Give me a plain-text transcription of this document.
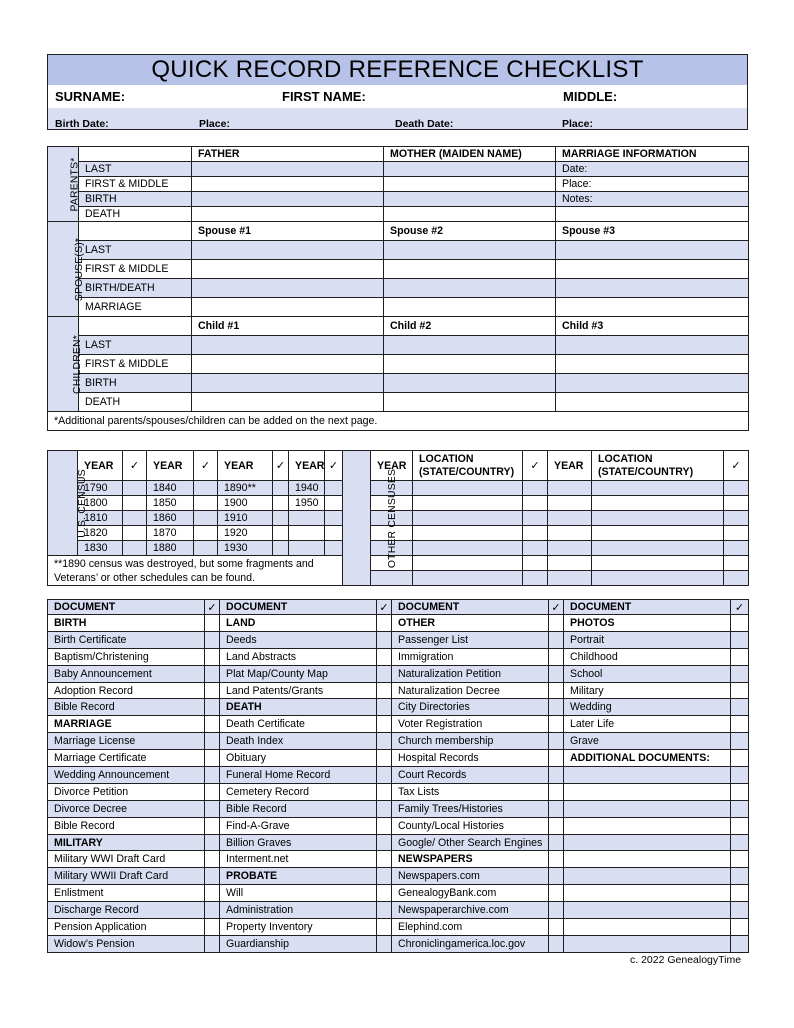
QUICK RECORD REFERENCE CHECKLIST
SURNAME:	FIRST NAME:	MIDDLE:
Birth Date:	Place:	Death Date:	Place:
PARENTS*		FATHER	MOTHER (MAIDEN NAME)	MARRIAGE INFORMATION
	LAST			Date:
	FIRST & MIDDLE			Place:
	BIRTH			Notes:
	DEATH			
SPOUSE(S)*		Spouse #1	Spouse #2	Spouse #3
	LAST			
	FIRST & MIDDLE			
	BIRTH/DEATH			
	MARRIAGE			
CHILDREN*		Child #1	Child #2	Child #3
	LAST			
	FIRST & MIDDLE			
	BIRTH			
	DEATH			
*Additional parents/spouses/children can be added on the next page.				
U.S. CENSUS	YEAR	✓	YEAR	✓	YEAR	✓	YEAR	✓	OTHER CENSUSES	YEAR	LOCATION
(STATE/COUNTRY)	✓	YEAR	LOCATION
(STATE/COUNTRY)	✓
	1790		1840		1890**		1940								
	1800		1850		1900		1950								
	1810		1860		1910										
	1820		1870		1920										
	1830		1880		1930										
**1890 census was destroyed, but some fragments and
Veterans’ or other schedules can be found.															

DOCUMENT	✓	DOCUMENT	✓	DOCUMENT	✓	DOCUMENT	✓
BIRTH		LAND		OTHER		PHOTOS	
Birth Certificate		Deeds		Passenger List		Portrait	
Baptism/Christening		Land Abstracts		Immigration		Childhood	
Baby Announcement		Plat Map/County Map		Naturalization Petition		School	
Adoption Record		Land Patents/Grants		Naturalization Decree		Military	
Bible Record		DEATH		City Directories		Wedding	
MARRIAGE		Death Certificate		Voter Registration		Later Life	
Marriage License		Death Index		Church membership		Grave	
Marriage Certificate		Obituary		Hospital Records		ADDITIONAL DOCUMENTS:	
Wedding Announcement		Funeral Home Record		Court Records			
Divorce Petition		Cemetery Record		Tax Lists			
Divorce Decree		Bible Record		Family Trees/Histories			
Bible Record		Find-A-Grave		County/Local Histories			
MILITARY		Billion Graves		Google/ Other Search Engines			
Military WWI Draft Card		Interment.net		NEWSPAPERS			
Military WWII Draft Card		PROBATE		Newspapers.com			
Enlistment		Will		GenealogyBank.com			
Discharge Record		Administration		Newspaperarchive.com			
Pension Application		Property Inventory		Elephind.com			
Widow’s Pension		Guardianship		Chroniclingamerica.loc.gov			
c. 2022 GenealogyTime
